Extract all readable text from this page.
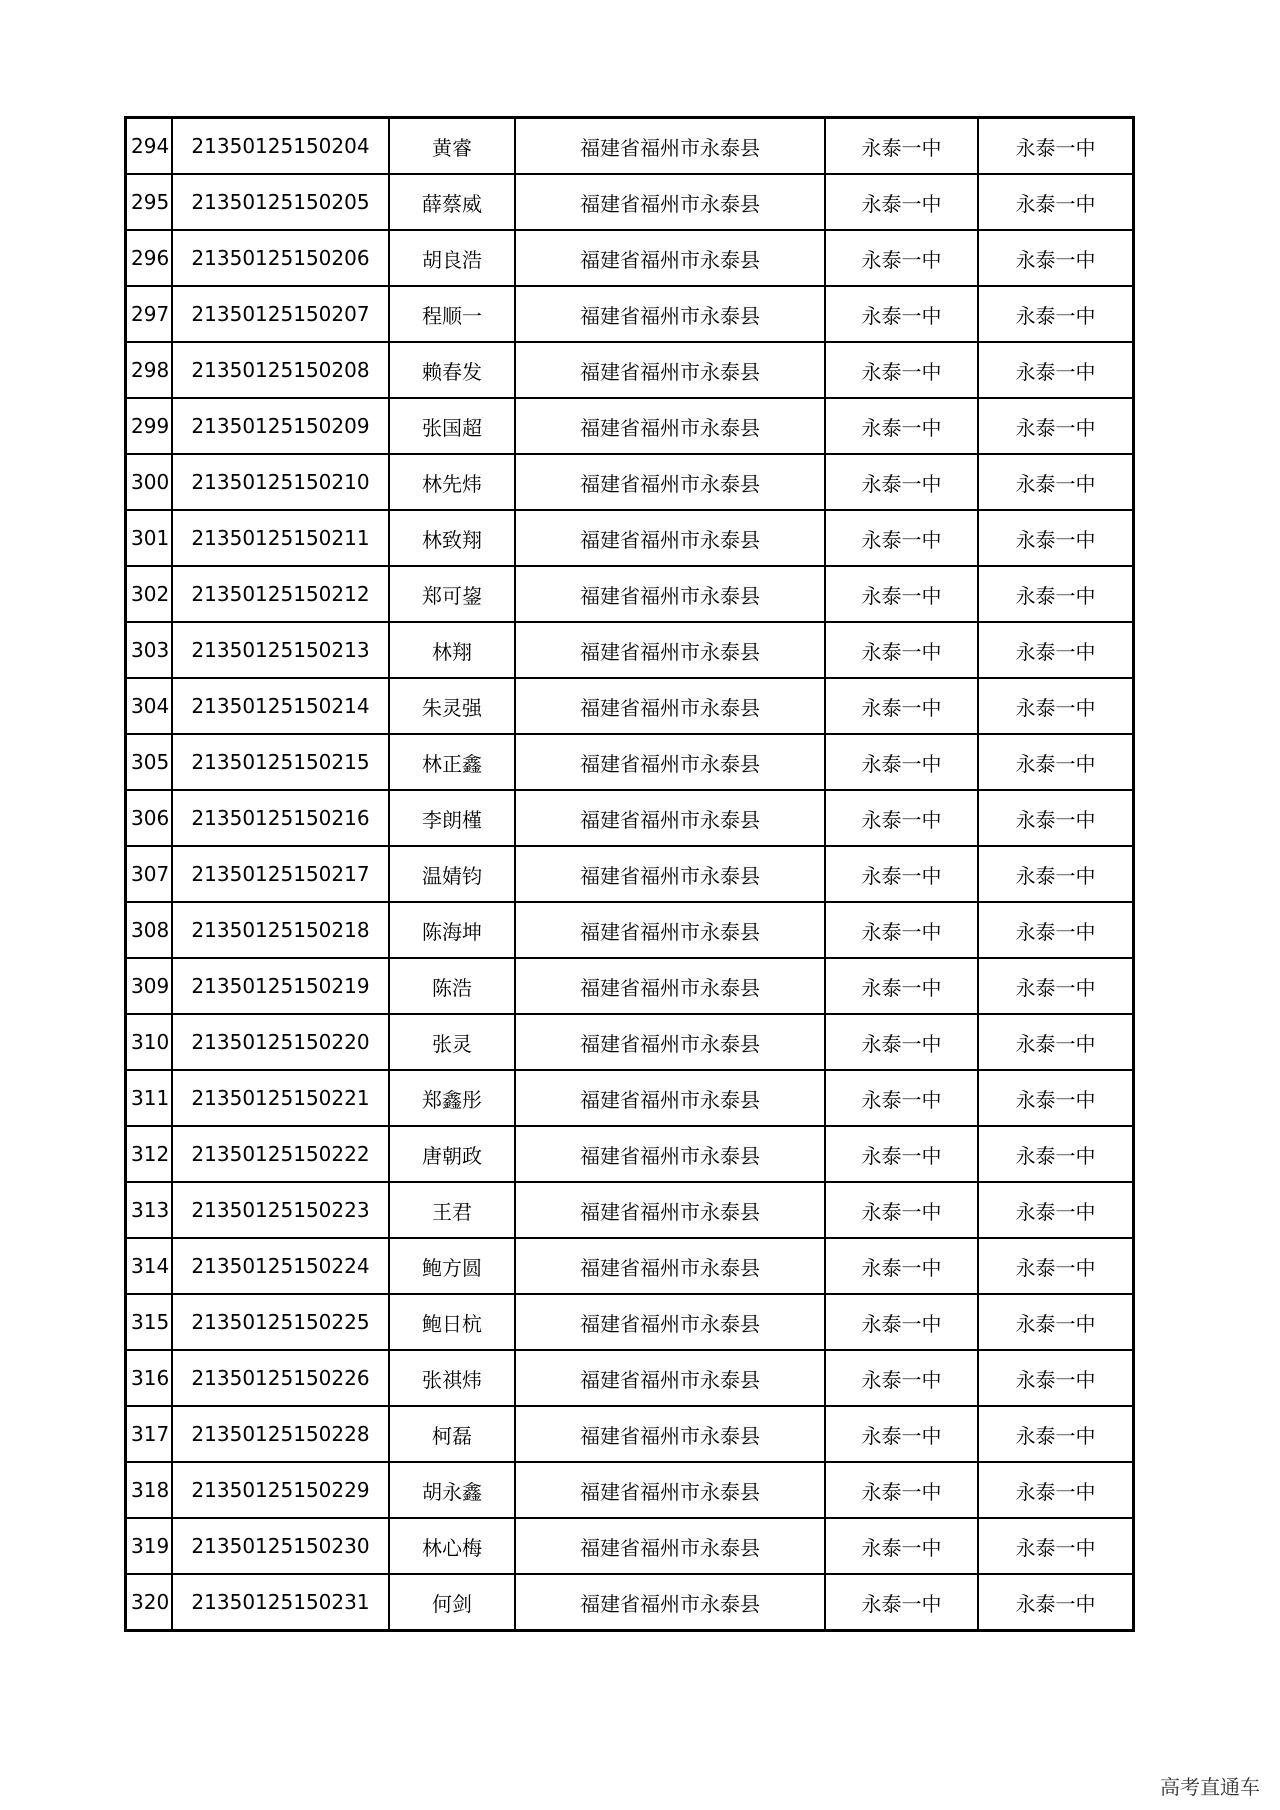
294	21350125150204	黄睿	福建省福州市永泰县	永泰一中	永泰一中
295	21350125150205	薛蔡威	福建省福州市永泰县	永泰一中	永泰一中
296	21350125150206	胡良浩	福建省福州市永泰县	永泰一中	永泰一中
297	21350125150207	程顺一	福建省福州市永泰县	永泰一中	永泰一中
298	21350125150208	赖春发	福建省福州市永泰县	永泰一中	永泰一中
299	21350125150209	张国超	福建省福州市永泰县	永泰一中	永泰一中
300	21350125150210	林先炜	福建省福州市永泰县	永泰一中	永泰一中
301	21350125150211	林致翔	福建省福州市永泰县	永泰一中	永泰一中
302	21350125150212	郑可鋆	福建省福州市永泰县	永泰一中	永泰一中
303	21350125150213	林翔	福建省福州市永泰县	永泰一中	永泰一中
304	21350125150214	朱灵强	福建省福州市永泰县	永泰一中	永泰一中
305	21350125150215	林正鑫	福建省福州市永泰县	永泰一中	永泰一中
306	21350125150216	李朗槿	福建省福州市永泰县	永泰一中	永泰一中
307	21350125150217	温婧钧	福建省福州市永泰县	永泰一中	永泰一中
308	21350125150218	陈海坤	福建省福州市永泰县	永泰一中	永泰一中
309	21350125150219	陈浩	福建省福州市永泰县	永泰一中	永泰一中
310	21350125150220	张灵	福建省福州市永泰县	永泰一中	永泰一中
311	21350125150221	郑鑫彤	福建省福州市永泰县	永泰一中	永泰一中
312	21350125150222	唐朝政	福建省福州市永泰县	永泰一中	永泰一中
313	21350125150223	王君	福建省福州市永泰县	永泰一中	永泰一中
314	21350125150224	鲍方圆	福建省福州市永泰县	永泰一中	永泰一中
315	21350125150225	鲍日杭	福建省福州市永泰县	永泰一中	永泰一中
316	21350125150226	张祺炜	福建省福州市永泰县	永泰一中	永泰一中
317	21350125150228	柯磊	福建省福州市永泰县	永泰一中	永泰一中
318	21350125150229	胡永鑫	福建省福州市永泰县	永泰一中	永泰一中
319	21350125150230	林心梅	福建省福州市永泰县	永泰一中	永泰一中
320	21350125150231	何剑	福建省福州市永泰县	永泰一中	永泰一中
高考直通车
